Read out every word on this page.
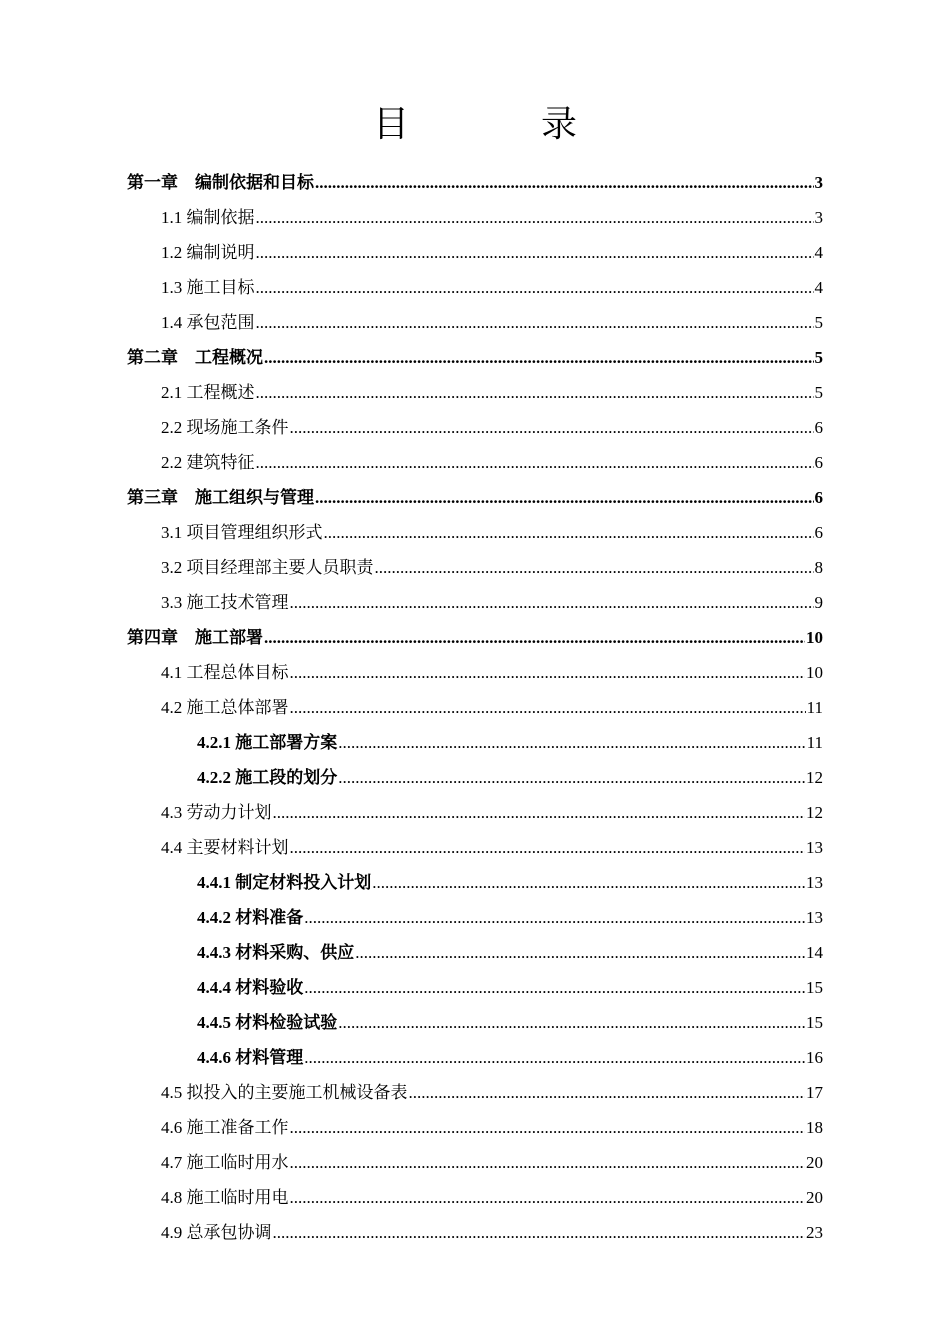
目　录
第一章　编制依据和目标 .....	3
1.1 编制依据 .....	3
1.2 编制说明 .....	4
1.3 施工目标 .....	4
1.4 承包范围 .....	5
第二章　工程概况 .....	5
2.1 工程概述 .....	5
2.2 现场施工条件 .....	6
2.2 建筑特征 .....	6
第三章　施工组织与管理 .....	6
3.1 项目管理组织形式 .....	6
3.2 项目经理部主要人员职责 .....	8
3.3 施工技术管理 .....	9
第四章　施工部署 .....	10
4.1 工程总体目标 .....	10
4.2 施工总体部署 .....	11
4.2.1 施工部署方案 .....	11
4.2.2 施工段的划分 .....	12
4.3 劳动力计划 .....	12
4.4 主要材料计划 .....	13
4.4.1 制定材料投入计划 .....	13
4.4.2 材料准备 .....	13
4.4.3 材料采购、供应 .....	14
4.4.4 材料验收 .....	15
4.4.5 材料检验试验 .....	15
4.4.6 材料管理 .....	16
4.5 拟投入的主要施工机械设备表 .....	17
4.6 施工准备工作 .....	18
4.7 施工临时用水 .....	20
4.8 施工临时用电 .....	20
4.9 总承包协调 .....	23
